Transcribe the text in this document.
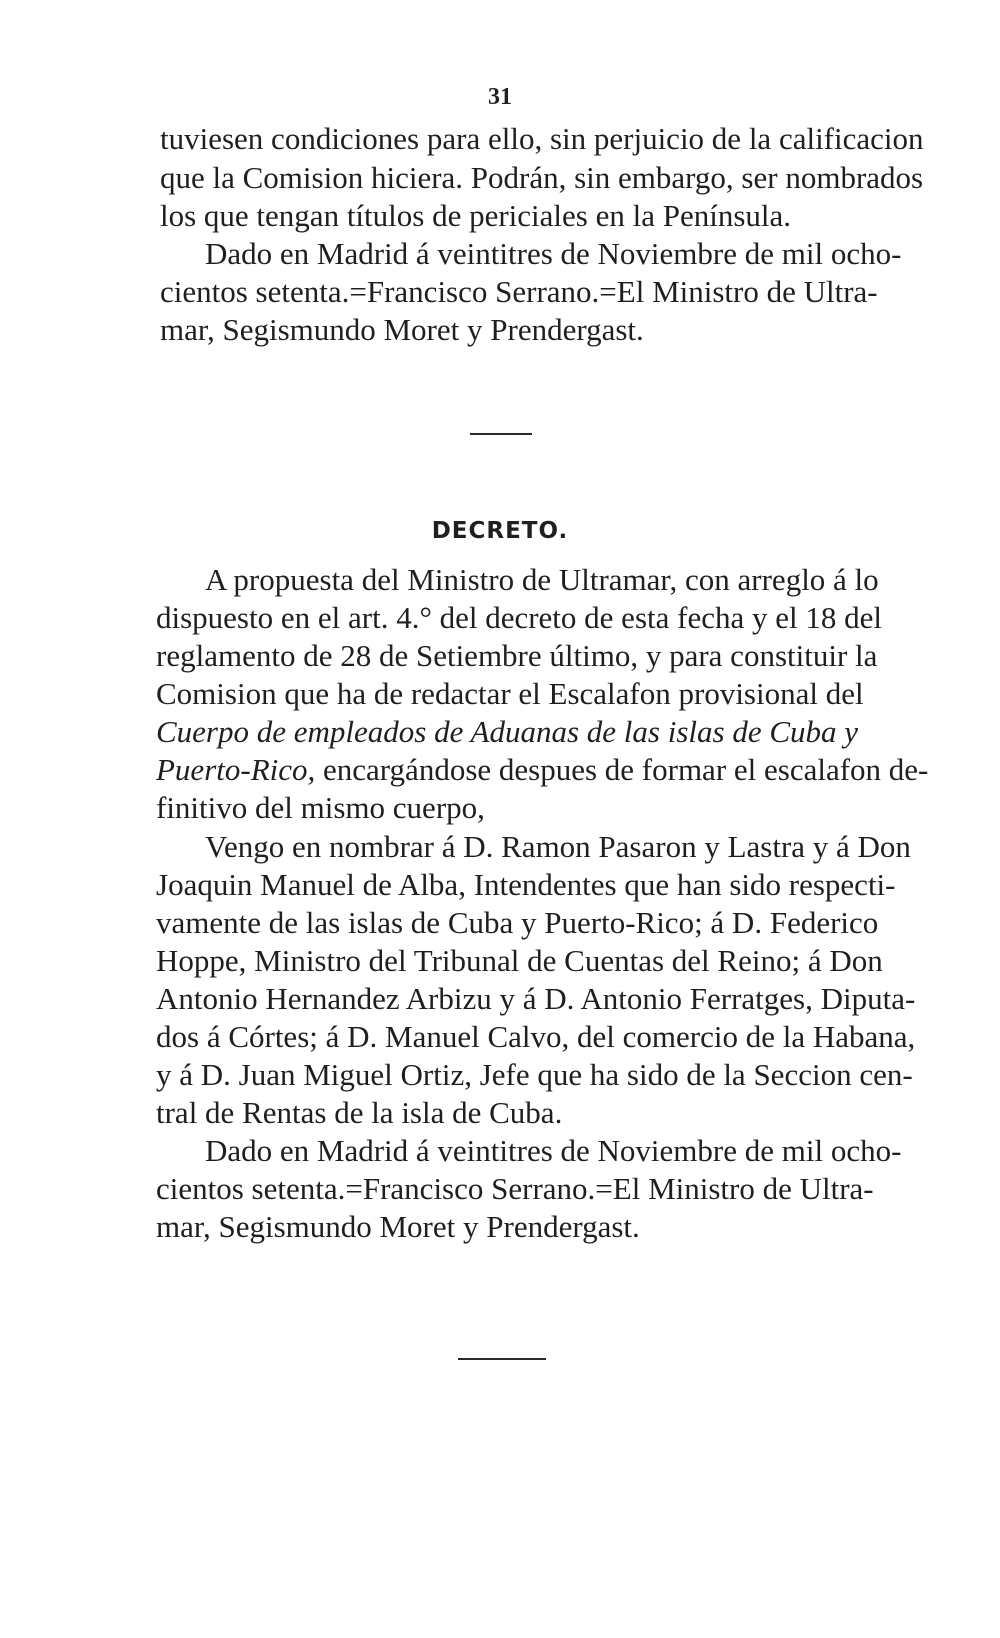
31
tuviesen condiciones para ello, sin perjuicio de la calificacion
que la Comision hiciera. Podrán, sin embargo, ser nombrados
los que tengan títulos de periciales en la Península.
Dado en Madrid á veintitres de Noviembre de mil ocho-
cientos setenta.=Francisco Serrano.=El Ministro de Ultra-
mar, Segismundo Moret y Prendergast.
DECRETO.
A propuesta del Ministro de Ultramar, con arreglo á lo
dispuesto en el art. 4.° del decreto de esta fecha y el 18 del
reglamento de 28 de Setiembre último, y para constituir la
Comision que ha de redactar el Escalafon provisional del
Cuerpo de empleados de Aduanas de las islas de Cuba y
Puerto-Rico, encargándose despues de formar el escalafon de-
finitivo del mismo cuerpo,
Vengo en nombrar á D. Ramon Pasaron y Lastra y á Don
Joaquin Manuel de Alba, Intendentes que han sido respecti-
vamente de las islas de Cuba y Puerto-Rico; á D. Federico
Hoppe, Ministro del Tribunal de Cuentas del Reino; á Don
Antonio Hernandez Arbizu y á D. Antonio Ferratges, Diputa-
dos á Córtes; á D. Manuel Calvo, del comercio de la Habana,
y á D. Juan Miguel Ortiz, Jefe que ha sido de la Seccion cen-
tral de Rentas de la isla de Cuba.
Dado en Madrid á veintitres de Noviembre de mil ocho-
cientos setenta.=Francisco Serrano.=El Ministro de Ultra-
mar, Segismundo Moret y Prendergast.
